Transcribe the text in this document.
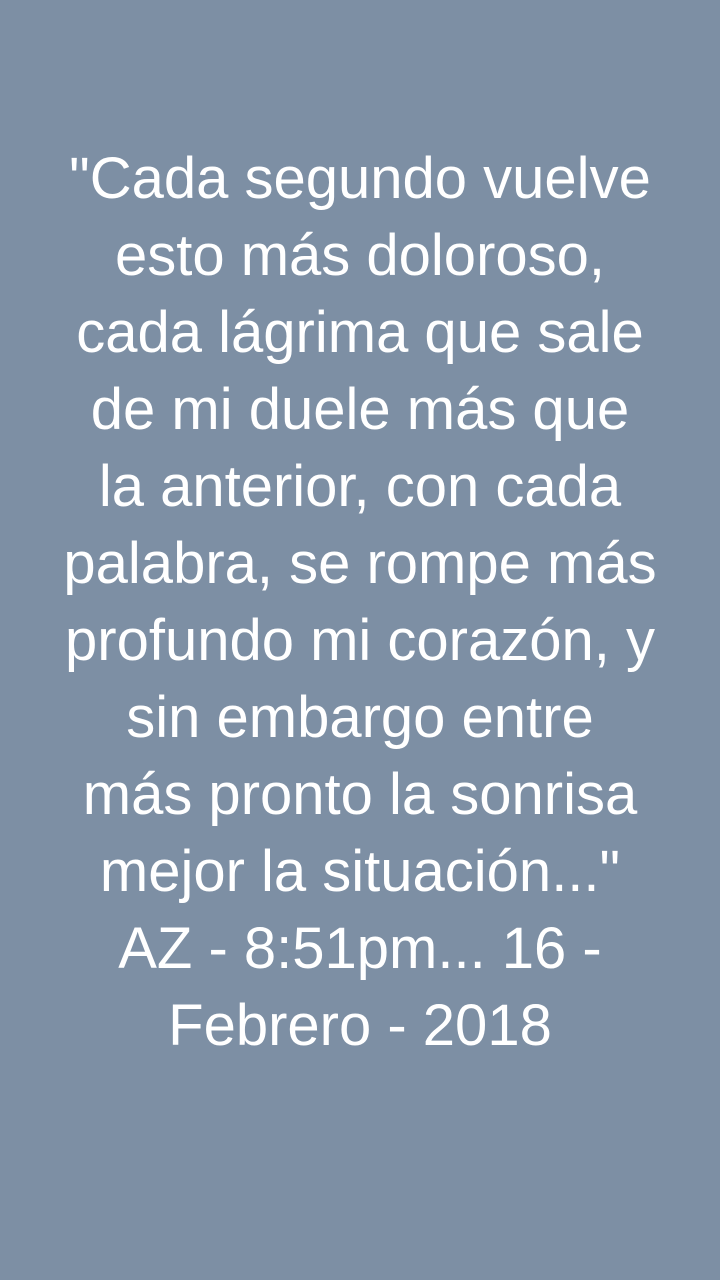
"Cada segundo vuelve
esto más doloroso,
cada lágrima que sale
de mi duele más que
la anterior, con cada
palabra, se rompe más
profundo mi corazón, y
sin embargo entre
más pronto la sonrisa
mejor la situación..."
AZ - 8:51pm... 16 -
Febrero - 2018
